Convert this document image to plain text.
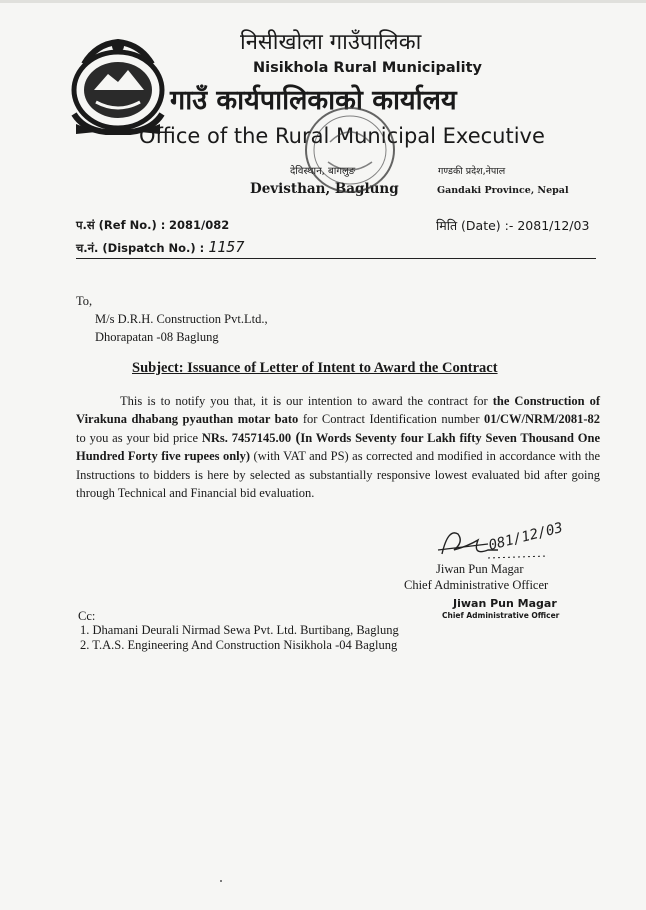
निसीखोला गाउँपालिका
Nisikhola Rural Municipality
गाउँ कार्यपालिकाको कार्यालय
Office of the Rural Municipal Executive
देविस्थान, बागलुङ
Devisthan, Baglung
गण्डकी प्रदेश,नेपाल
Gandaki Province, Nepal
प.सं (Ref No.) : 2081/082	मिति (Date) :- 2081/12/03
च.नं. (Dispatch No.) : 1157
To,
M/s D.R.H. Construction Pvt.Ltd.,
Dhorapatan -08 Baglung
Subject: Issuance of Letter of Intent to Award the Contract
This is to notify you that, it is our intention to award the contract for the Construction of Virakuna dhabang pyauthan motar bato for Contract Identification number 01/CW/NRM/2081-82 to you as your bid price NRs. 7457145.00 (In Words Seventy four Lakh fifty Seven Thousand One Hundred Forty five rupees only) (with VAT and PS) as corrected and modified in accordance with the Instructions to bidders is here by selected as substantially responsive lowest evaluated bid after going through Technical and Financial bid evaluation.
081/12/03
Jiwan Pun Magar
Chief Administrative Officer
Jiwan Pun Magar
Chief Administrative Officer
Cc:
1. Dhamani Deurali Nirmad Sewa Pvt. Ltd. Burtibang, Baglung
2. T.A.S. Engineering And Construction Nisikhola -04 Baglung
